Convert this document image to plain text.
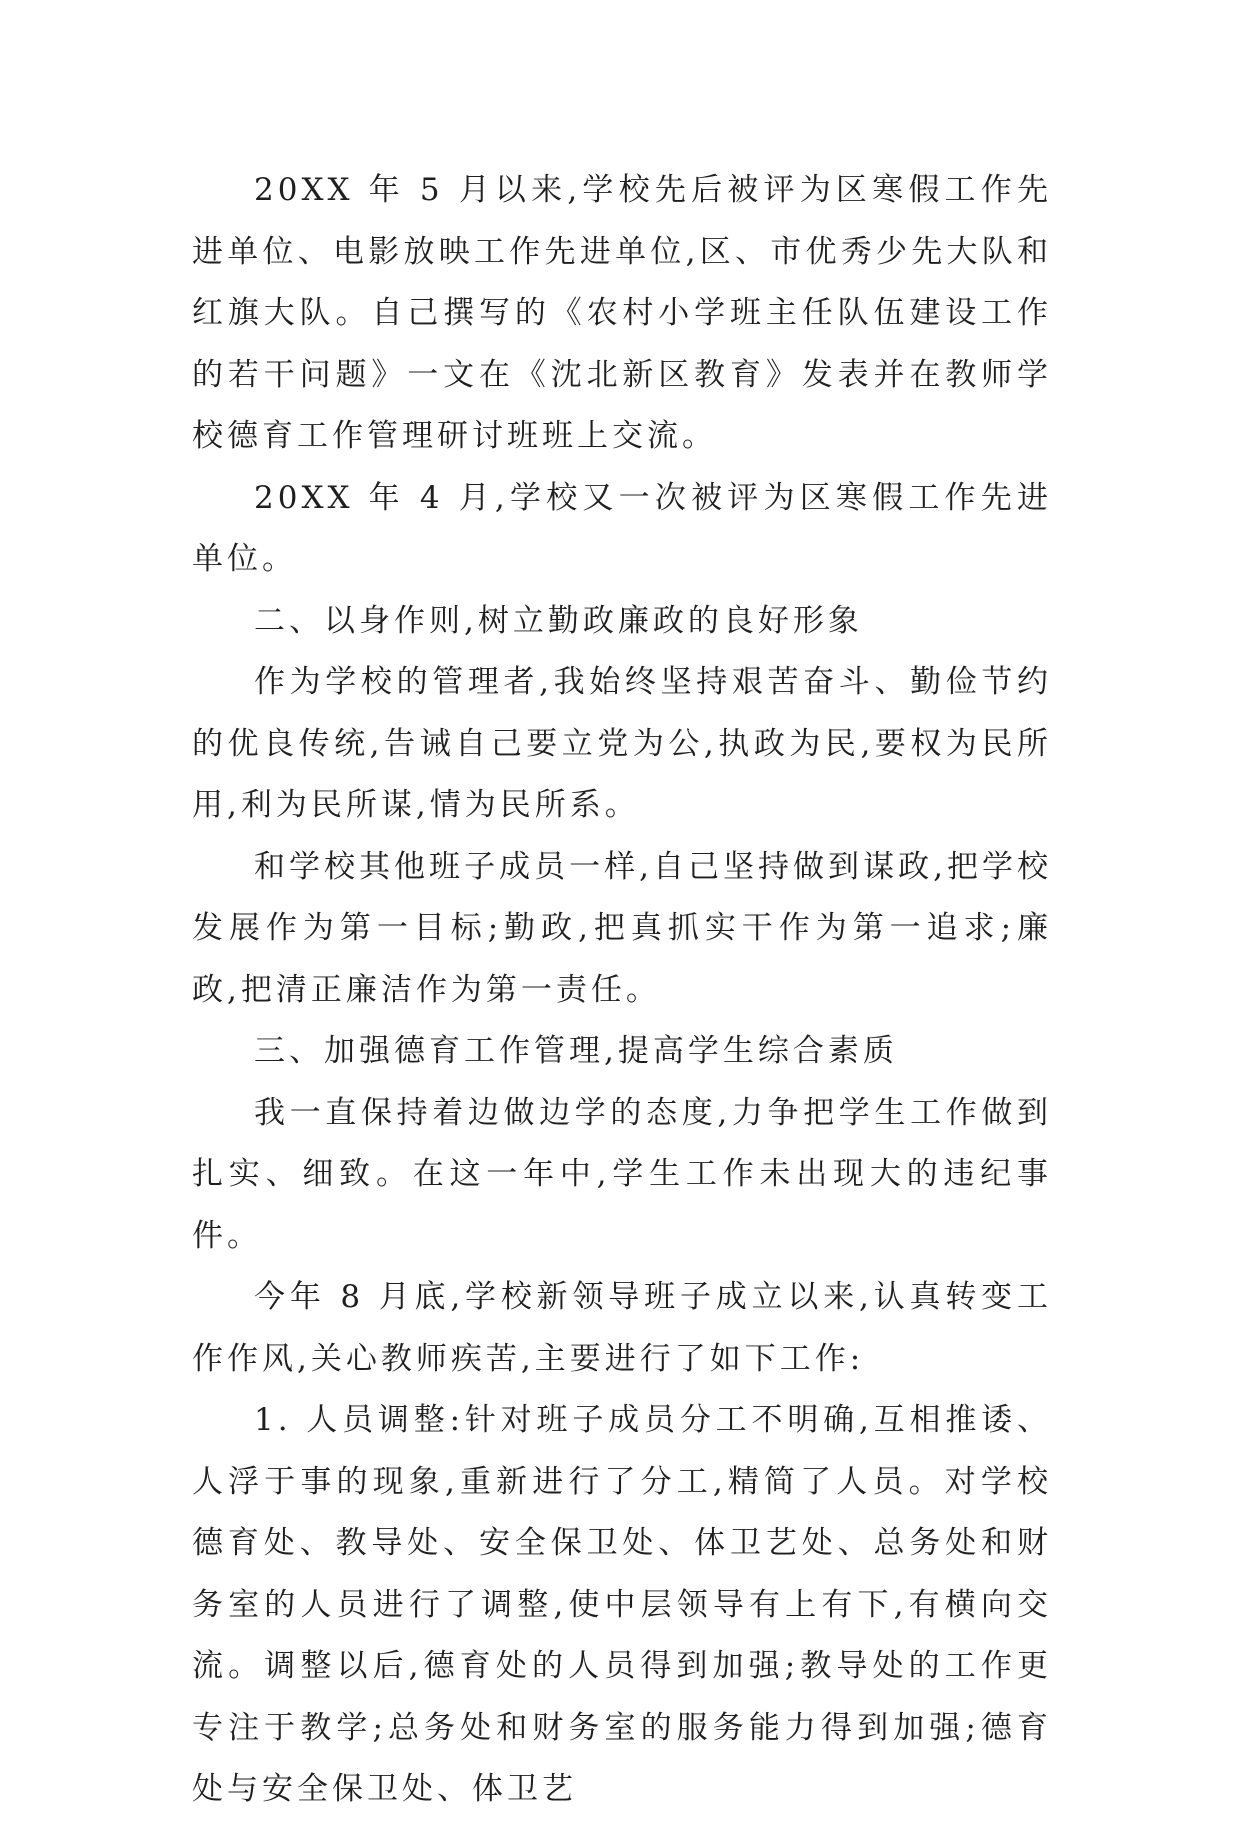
20XX 年 5 月以来,学校先后被评为区寒假工作先进单位、电影放映工作先进单位,区、市优秀少先大队和红旗大队。自己撰写的《农村小学班主任队伍建设工作的若干问题》一文在《沈北新区教育》发表并在教师学校德育工作管理研讨班班上交流。

20XX 年 4 月,学校又一次被评为区寒假工作先进单位。

二、以身作则,树立勤政廉政的良好形象

作为学校的管理者,我始终坚持艰苦奋斗、勤俭节约的优良传统,告诫自己要立党为公,执政为民,要权为民所用,利为民所谋,情为民所系。

和学校其他班子成员一样,自己坚持做到谋政,把学校发展作为第一目标;勤政,把真抓实干作为第一追求;廉政,把清正廉洁作为第一责任。

三、加强德育工作管理,提高学生综合素质

我一直保持着边做边学的态度,力争把学生工作做到扎实、细致。在这一年中,学生工作未出现大的违纪事件。

今年 8 月底,学校新领导班子成立以来,认真转变工作作风,关心教师疾苦,主要进行了如下工作:

1. 人员调整:针对班子成员分工不明确,互相推诿、人浮于事的现象,重新进行了分工,精简了人员。对学校德育处、教导处、安全保卫处、体卫艺处、总务处和财务室的人员进行了调整,使中层领导有上有下,有横向交流。调整以后,德育处的人员得到加强;教导处的工作更专注于教学;总务处和财务室的服务能力得到加强;德育处与安全保卫处、体卫艺
